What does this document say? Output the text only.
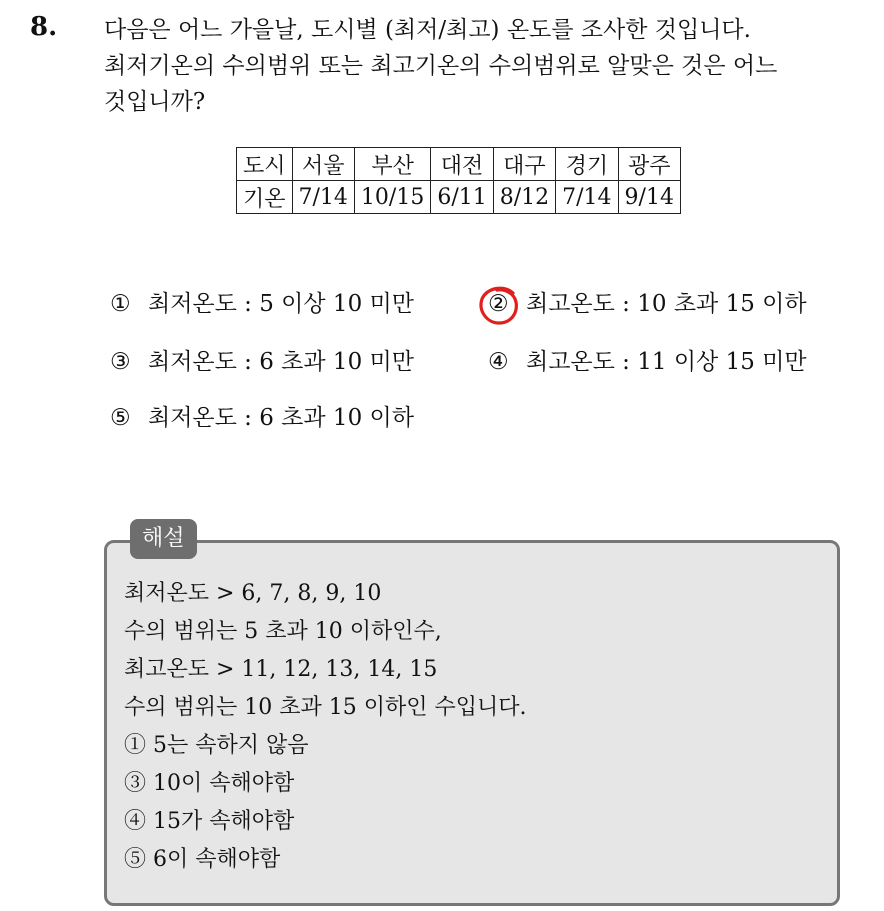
8. 다음은 어느 가을날, 도시별 (최저/최고) 온도를 조사한 것입니다.
최저기온의 수의범위 또는 최고기온의 수의범위로 알맞은 것은 어느
것입니까?
도시	서울	부산	대전	대구	경기	광주
기온	7/14	10/15	6/11	8/12	7/14	9/14
① 최저온도 : 5 이상 10 미만	② 최고온도 : 10 초과 15 이하
③ 최저온도 : 6 초과 10 미만	④ 최고온도 : 11 이상 15 미만
⑤ 최저온도 : 6 초과 10 이하
해설
최저온도 > 6, 7, 8, 9, 10
수의 범위는 5 초과 10 이하인수,
최고온도 > 11, 12, 13, 14, 15
수의 범위는 10 초과 15 이하인 수입니다.
① 5는 속하지 않음
③ 10이 속해야함
④ 15가 속해야함
⑤ 6이 속해야함
